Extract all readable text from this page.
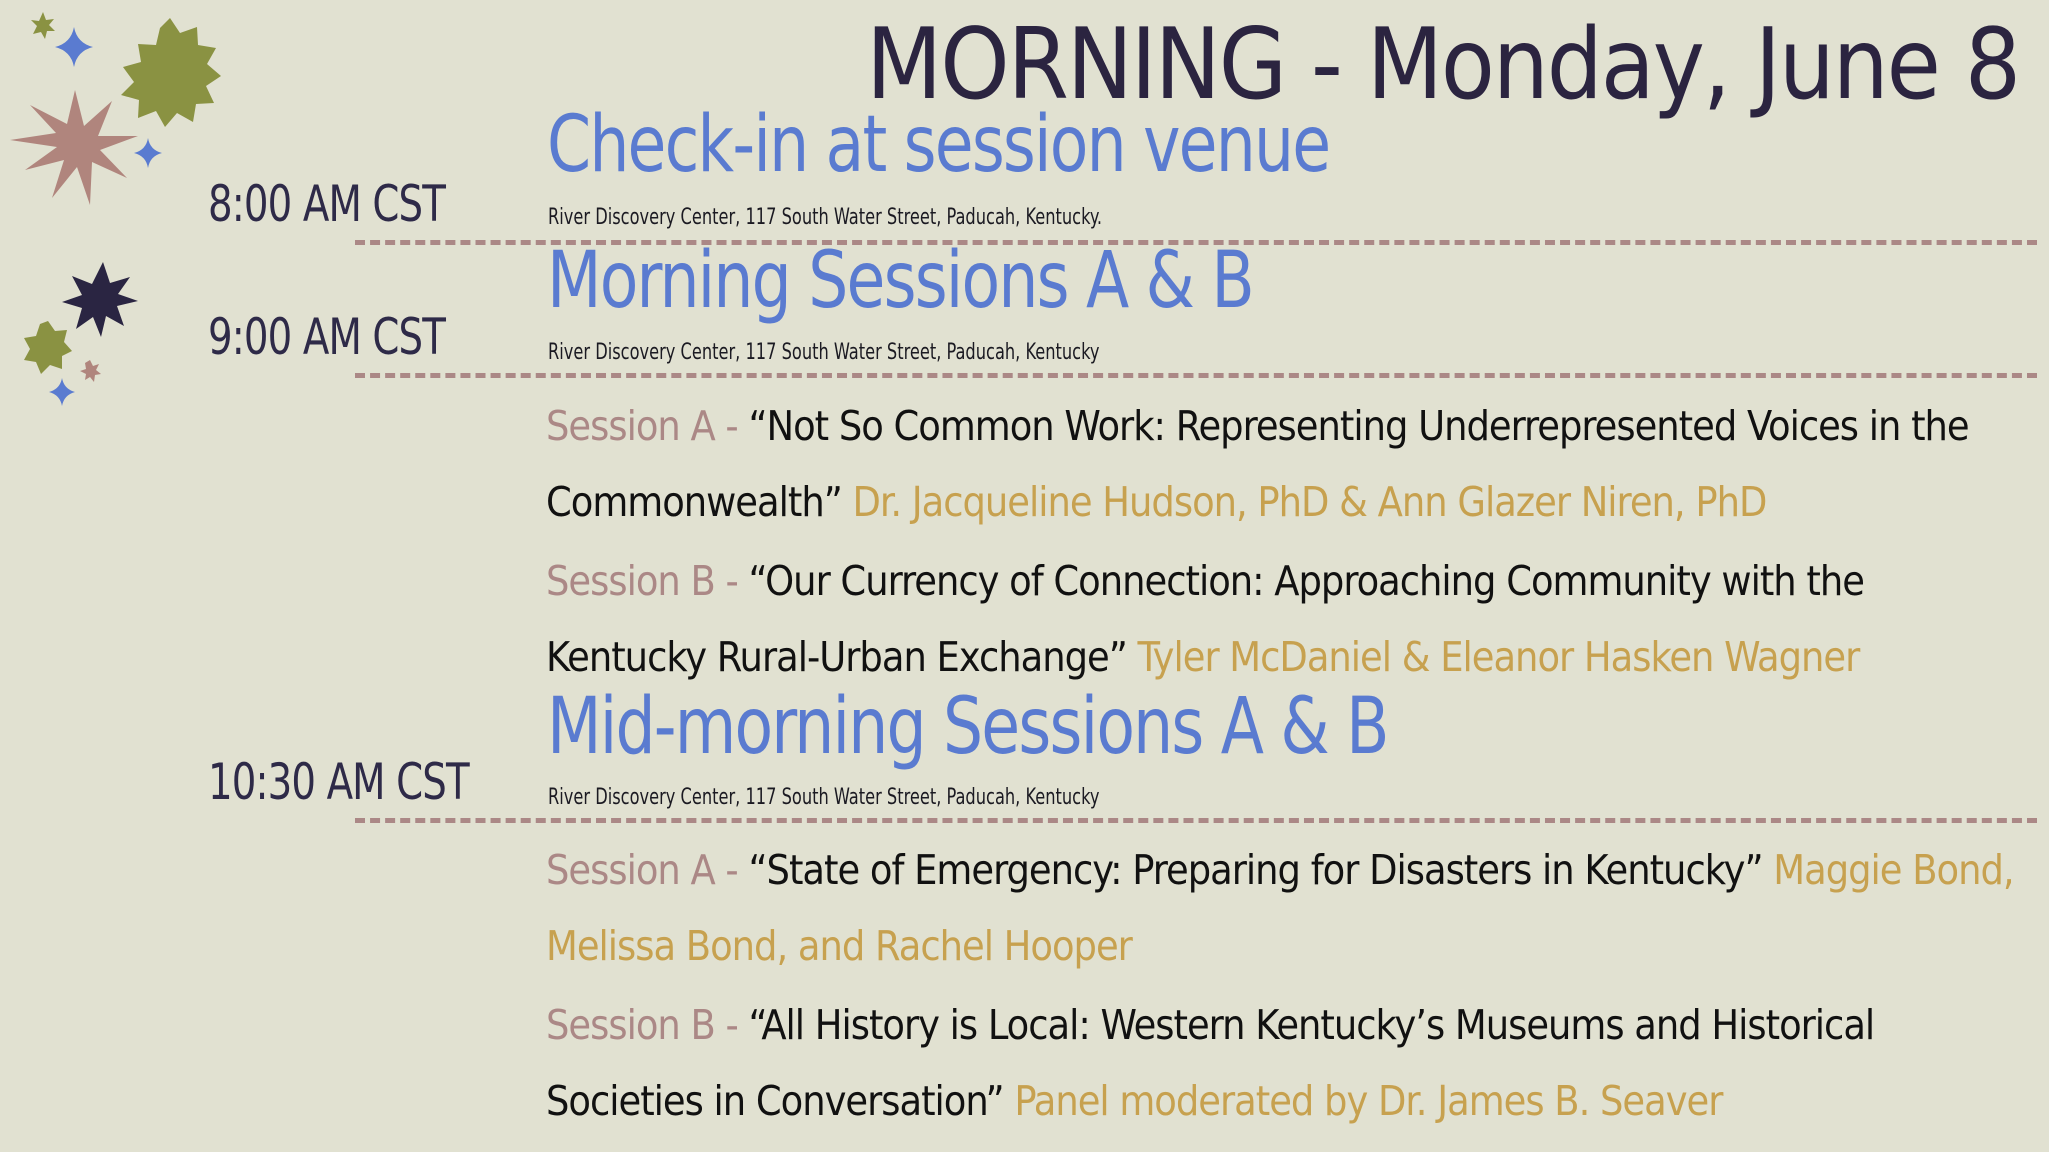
MORNING - Monday, June 8
8:00 AM CST
Check-in at session venue
River Discovery Center, 117 South Water Street, Paducah, Kentucky.
9:00 AM CST
Morning Sessions A & B
River Discovery Center, 117 South Water Street, Paducah, Kentucky
Session A - “Not So Common Work: Representing Underrepresented Voices in the Commonwealth” Dr. Jacqueline Hudson, PhD & Ann Glazer Niren, PhD
Session B - “Our Currency of Connection: Approaching Community with the Kentucky Rural-Urban Exchange” Tyler McDaniel & Eleanor Hasken Wagner
10:30 AM CST
Mid-morning Sessions A & B
River Discovery Center, 117 South Water Street, Paducah, Kentucky
Session A - “State of Emergency: Preparing for Disasters in Kentucky” Maggie Bond, Melissa Bond, and Rachel Hooper
Session B - “All History is Local: Western Kentucky’s Museums and Historical Societies in Conversation” Panel moderated by Dr. James B. Seaver
